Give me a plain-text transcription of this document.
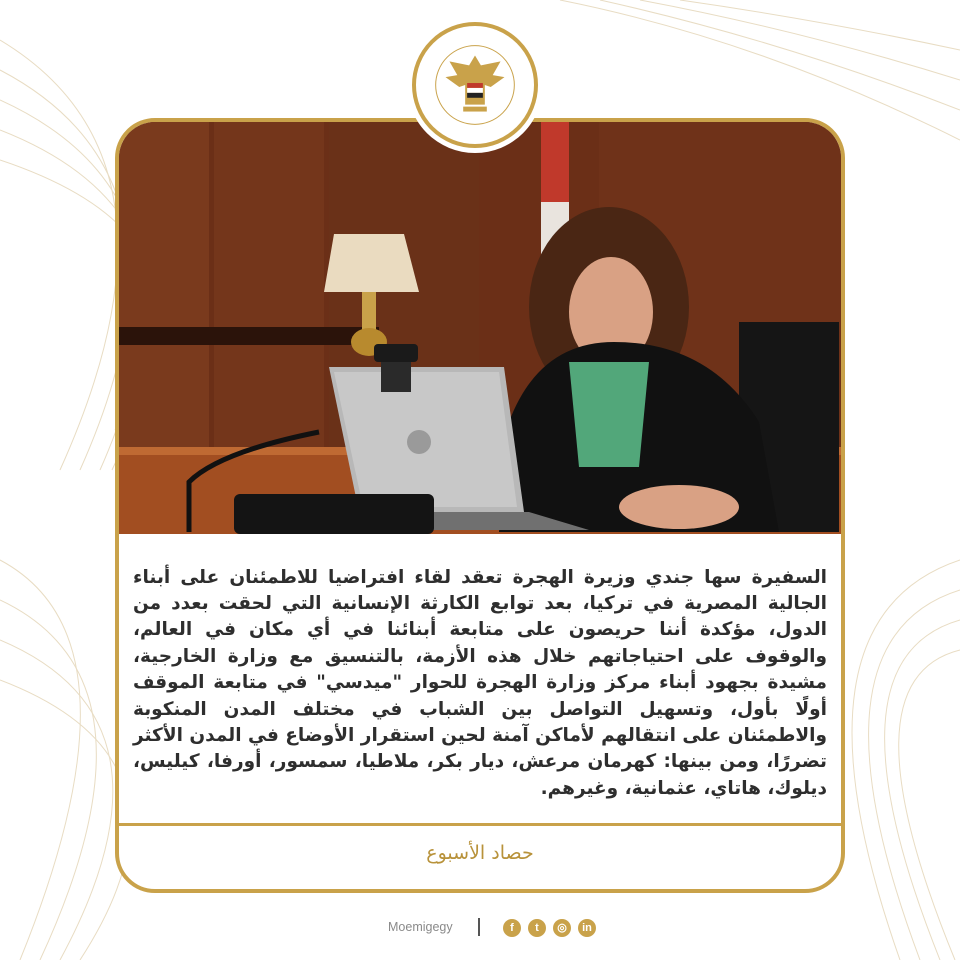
السفيرة سها جندي وزيرة الهجرة تعقد لقاء افتراضيا للاطمئنان على أبناء الجالية المصرية في تركيا، بعد توابع الكارثة الإنسانية التي لحقت بعدد من الدول، مؤكدة أننا حريصون على متابعة أبنائنا في أي مكان في العالم، والوقوف على احتياجاتهم خلال هذه الأزمة، بالتنسيق مع وزارة الخارجية، مشيدة بجهود أبناء مركز وزارة الهجرة للحوار "ميدسي" في متابعة الموقف أولًا بأول، وتسهيل التواصل بين الشباب في مختلف المدن المنكوبة والاطمئنان على انتقالهم لأماكن آمنة لحين استقرار الأوضاع في المدن الأكثر تضررًا، ومن بينها: كهرمان مرعش، ديار بكر، ملاطيا، سمسور، أورفا، كيليس، ديلوك، هاتاي، عثمانية، وغيرهم.

حصاد الأسبوع
Moemigegy	f	t	◎	in
